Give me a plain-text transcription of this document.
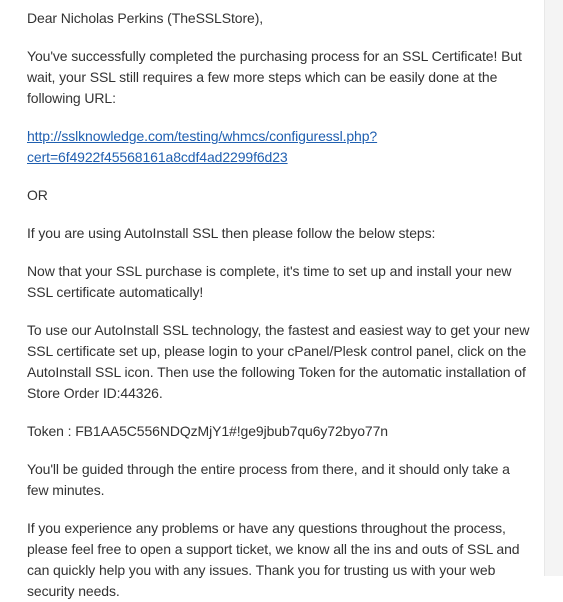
Dear Nicholas Perkins (TheSSLStore),

You've successfully completed the purchasing process for an SSL Certificate! But wait, your SSL still requires a few more steps which can be easily done at the following URL:

http://sslknowledge.com/testing/whmcs/configuressl.php?
cert=6f4922f45568161a8cdf4ad2299f6d23

OR

If you are using AutoInstall SSL then please follow the below steps:

Now that your SSL purchase is complete, it's time to set up and install your new SSL certificate automatically!

To use our AutoInstall SSL technology, the fastest and easiest way to get your new SSL certificate set up, please login to your cPanel/Plesk control panel, click on the AutoInstall SSL icon. Then use the following Token for the automatic installation of Store Order ID:44326.

Token : FB1AA5C556NDQzMjY1#!ge9jbub7qu6y72byo77n

You'll be guided through the entire process from there, and it should only take a few minutes.

If you experience any problems or have any questions throughout the process, please feel free to open a support ticket, we know all the ins and outs of SSL and can quickly help you with any issues. Thank you for trusting us with your web security needs.
